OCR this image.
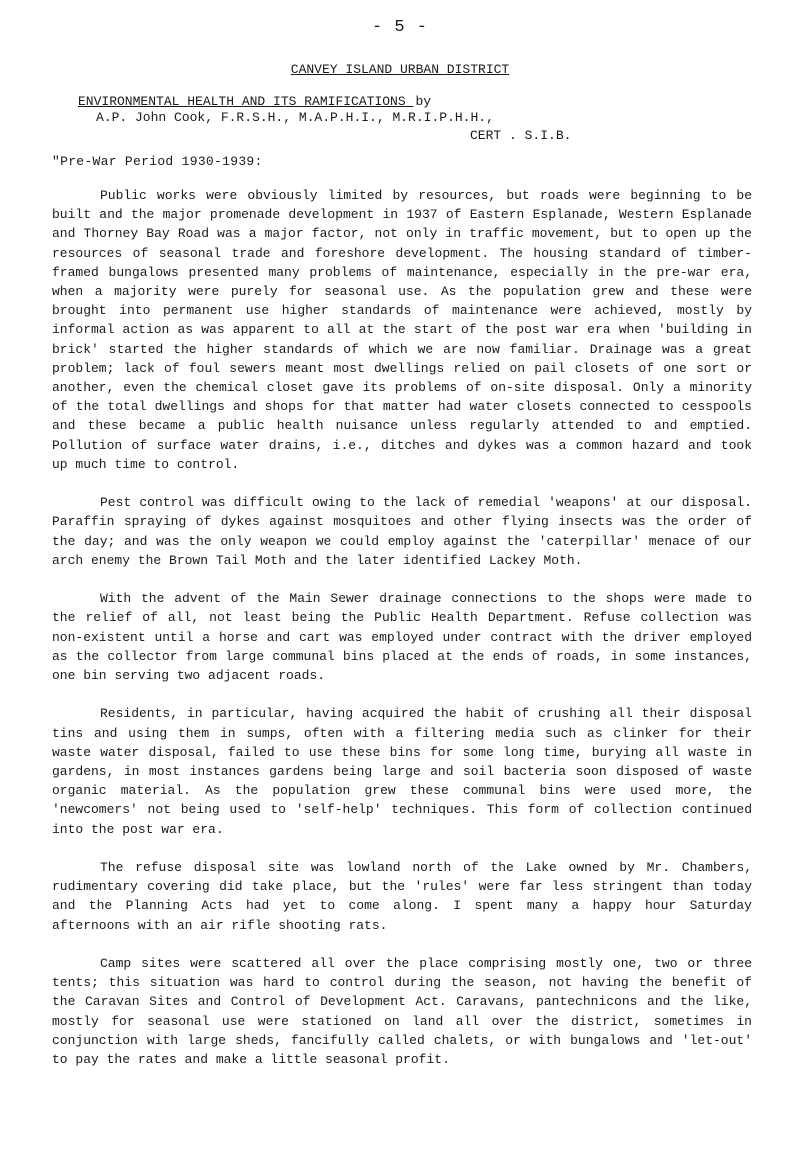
- 5 -
CANVEY ISLAND URBAN DISTRICT
ENVIRONMENTAL HEALTH AND ITS RAMIFICATIONS by
A.P. John Cook, F.R.S.H., M.A.P.H.I., M.R.I.P.H.H.,
CERT . S.I.B.
"Pre-War Period 1930-1939:

Public works were obviously limited by resources, but roads were beginning to be built and the major promenade development in 1937 of Eastern Esplanade, Western Esplanade and Thorney Bay Road was a major factor, not only in traffic movement, but to open up the resources of seasonal trade and foreshore development. The housing standard of timber-framed bungalows presented many problems of maintenance, especially in the pre-war era, when a majority were purely for seasonal use. As the population grew and these were brought into permanent use higher standards of maintenance were achieved, mostly by informal action as was apparent to all at the start of the post war era when 'building in brick' started the higher standards of which we are now familiar. Drainage was a great problem; lack of foul sewers meant most dwellings relied on pail closets of one sort or another, even the chemical closet gave its problems of on-site disposal. Only a minority of the total dwellings and shops for that matter had water closets connected to cesspools and these became a public health nuisance unless regularly attended to and emptied. Pollution of surface water drains, i.e., ditches and dykes was a common hazard and took up much time to control.

Pest control was difficult owing to the lack of remedial 'weapons' at our disposal. Paraffin spraying of dykes against mosquitoes and other flying insects was the order of the day; and was the only weapon we could employ against the 'caterpillar' menace of our arch enemy the Brown Tail Moth and the later identified Lackey Moth.

With the advent of the Main Sewer drainage connections to the shops were made to the relief of all, not least being the Public Health Department. Refuse collection was non-existent until a horse and cart was employed under contract with the driver employed as the collector from large communal bins placed at the ends of roads, in some instances, one bin serving two adjacent roads.

Residents, in particular, having acquired the habit of crushing all their disposal tins and using them in sumps, often with a filtering media such as clinker for their waste water disposal, failed to use these bins for some long time, burying all waste in gardens, in most instances gardens being large and soil bacteria soon disposed of waste organic material. As the population grew these communal bins were used more, the 'newcomers' not being used to 'self-help' techniques. This form of collection continued into the post war era.

The refuse disposal site was lowland north of the Lake owned by Mr. Chambers, rudimentary covering did take place, but the 'rules' were far less stringent than today and the Planning Acts had yet to come along. I spent many a happy hour Saturday afternoons with an air rifle shooting rats.

Camp sites were scattered all over the place comprising mostly one, two or three tents; this situation was hard to control during the season, not having the benefit of the Caravan Sites and Control of Development Act. Caravans, pantechnicons and the like, mostly for seasonal use were stationed on land all over the district, sometimes in conjunction with large sheds, fancifully called chalets, or with bungalows and 'let-out' to pay the rates and make a little seasonal profit.
